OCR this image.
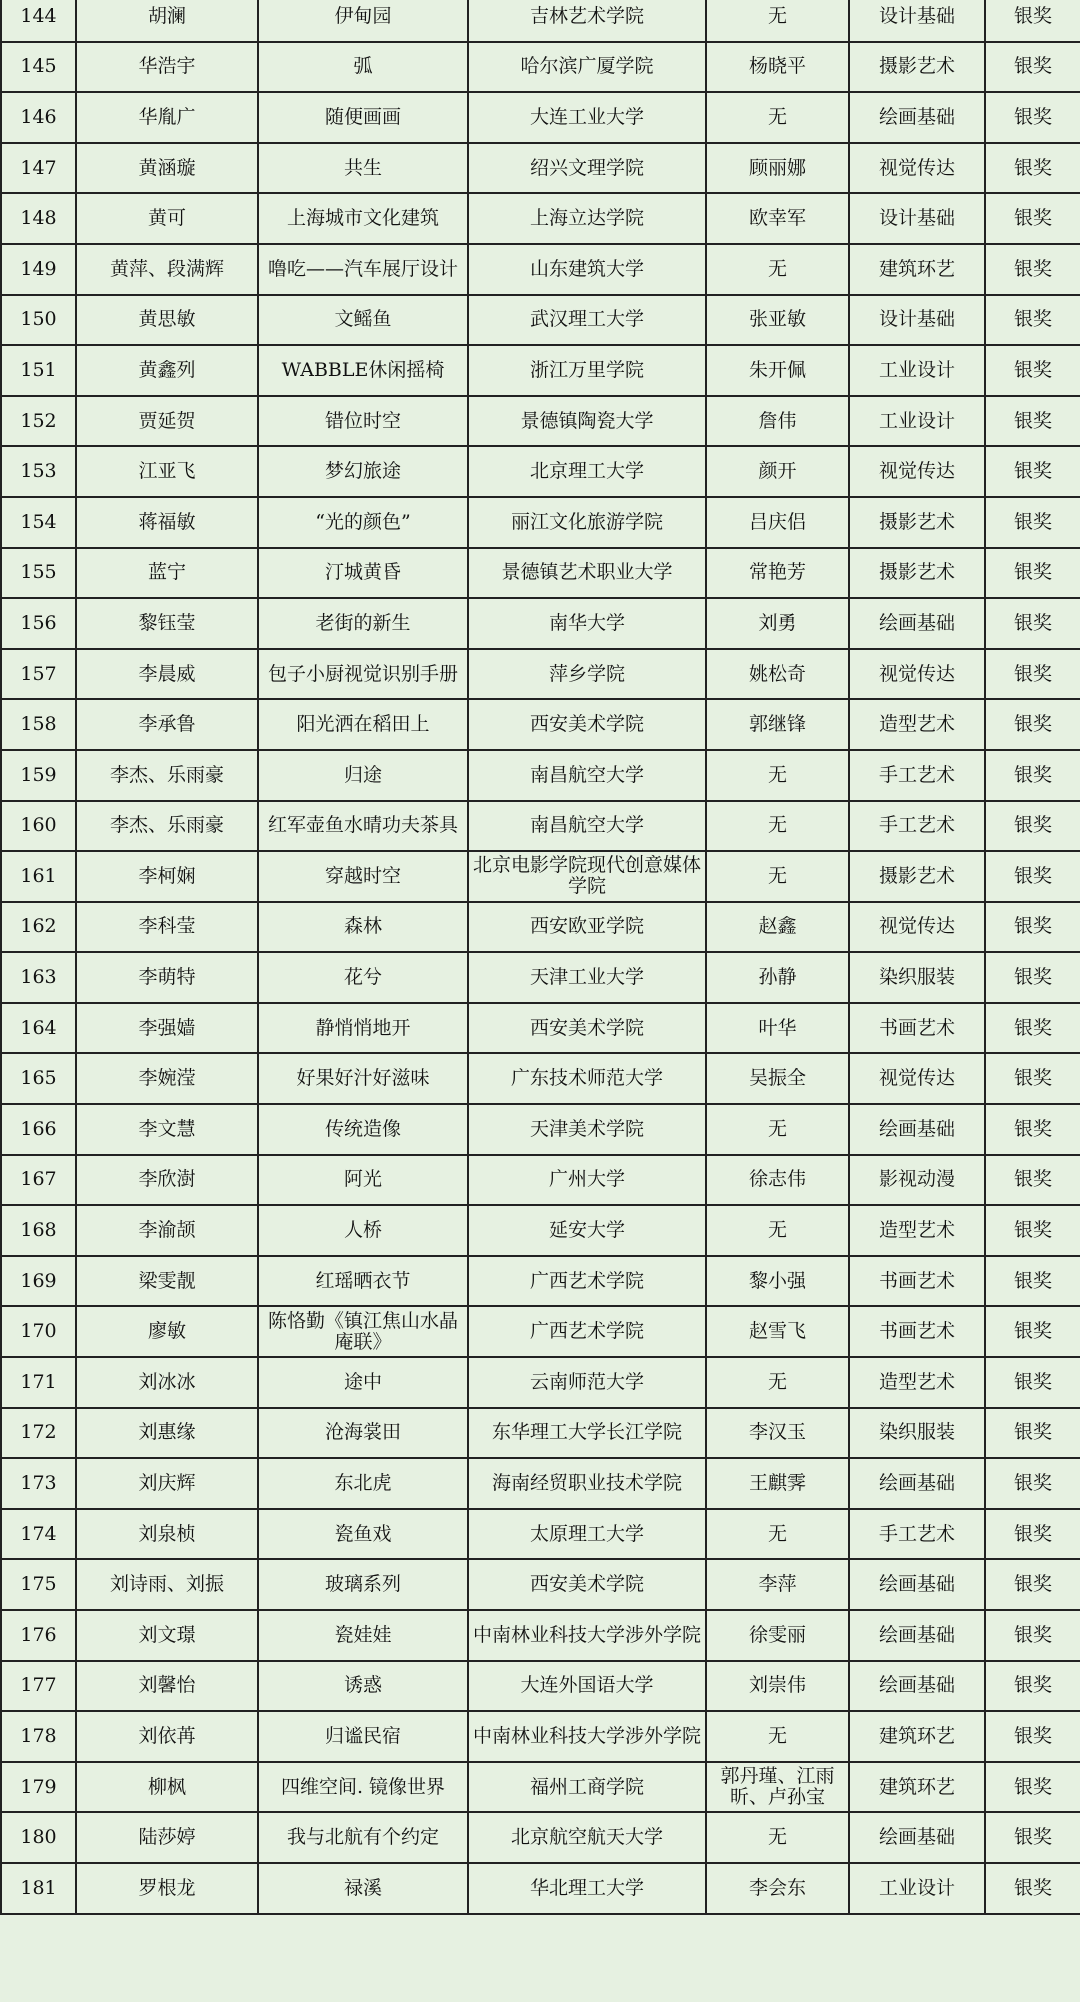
144	胡澜	伊甸园	吉林艺术学院	无	设计基础	银奖
145	华浩宇	弧	哈尔滨广厦学院	杨晓平	摄影艺术	银奖
146	华胤广	随便画画	大连工业大学	无	绘画基础	银奖
147	黄涵璇	共生	绍兴文理学院	顾丽娜	视觉传达	银奖
148	黄可	上海城市文化建筑	上海立达学院	欧幸军	设计基础	银奖
149	黄萍、段满辉	噜吃——汽车展厅设计	山东建筑大学	无	建筑环艺	银奖
150	黄思敏	文鳐鱼	武汉理工大学	张亚敏	设计基础	银奖
151	黄鑫列	WABBLE休闲摇椅	浙江万里学院	朱开佩	工业设计	银奖
152	贾延贺	错位时空	景德镇陶瓷大学	詹伟	工业设计	银奖
153	江亚飞	梦幻旅途	北京理工大学	颜开	视觉传达	银奖
154	蒋福敏	“光的颜色”	丽江文化旅游学院	吕庆侣	摄影艺术	银奖
155	蓝宁	汀城黄昏	景德镇艺术职业大学	常艳芳	摄影艺术	银奖
156	黎钰莹	老街的新生	南华大学	刘勇	绘画基础	银奖
157	李晨威	包子小厨视觉识别手册	萍乡学院	姚松奇	视觉传达	银奖
158	李承鲁	阳光洒在稻田上	西安美术学院	郭继锋	造型艺术	银奖
159	李杰、乐雨豪	归途	南昌航空大学	无	手工艺术	银奖
160	李杰、乐雨豪	红军壶鱼水晴功夫茶具	南昌航空大学	无	手工艺术	银奖
161	李柯娴	穿越时空	北京电影学院现代创意媒体学院	无	摄影艺术	银奖
162	李科莹	森林	西安欧亚学院	赵鑫	视觉传达	银奖
163	李萌特	花兮	天津工业大学	孙静	染织服装	银奖
164	李强嫱	静悄悄地开	西安美术学院	叶华	书画艺术	银奖
165	李婉滢	好果好汁好滋味	广东技术师范大学	吴振全	视觉传达	银奖
166	李文慧	传统造像	天津美术学院	无	绘画基础	银奖
167	李欣澍	阿光	广州大学	徐志伟	影视动漫	银奖
168	李渝颉	人桥	延安大学	无	造型艺术	银奖
169	梁雯靓	红瑶晒衣节	广西艺术学院	黎小强	书画艺术	银奖
170	廖敏	陈恪勤《镇江焦山水晶庵联》	广西艺术学院	赵雪飞	书画艺术	银奖
171	刘冰冰	途中	云南师范大学	无	造型艺术	银奖
172	刘惠缘	沧海裳田	东华理工大学长江学院	李汉玉	染织服装	银奖
173	刘庆辉	东北虎	海南经贸职业技术学院	王麒霁	绘画基础	银奖
174	刘泉桢	瓷鱼戏	太原理工大学	无	手工艺术	银奖
175	刘诗雨、刘振	玻璃系列	西安美术学院	李萍	绘画基础	银奖
176	刘文璟	瓷娃娃	中南林业科技大学涉外学院	徐雯丽	绘画基础	银奖
177	刘馨怡	诱惑	大连外国语大学	刘崇伟	绘画基础	银奖
178	刘依苒	归谧民宿	中南林业科技大学涉外学院	无	建筑环艺	银奖
179	柳枫	四维空间. 镜像世界	福州工商学院	郭丹瑾、江雨昕、卢孙宝	建筑环艺	银奖
180	陆莎婷	我与北航有个约定	北京航空航天大学	无	绘画基础	银奖
181	罗根龙	禄溪	华北理工大学	李会东	工业设计	银奖
